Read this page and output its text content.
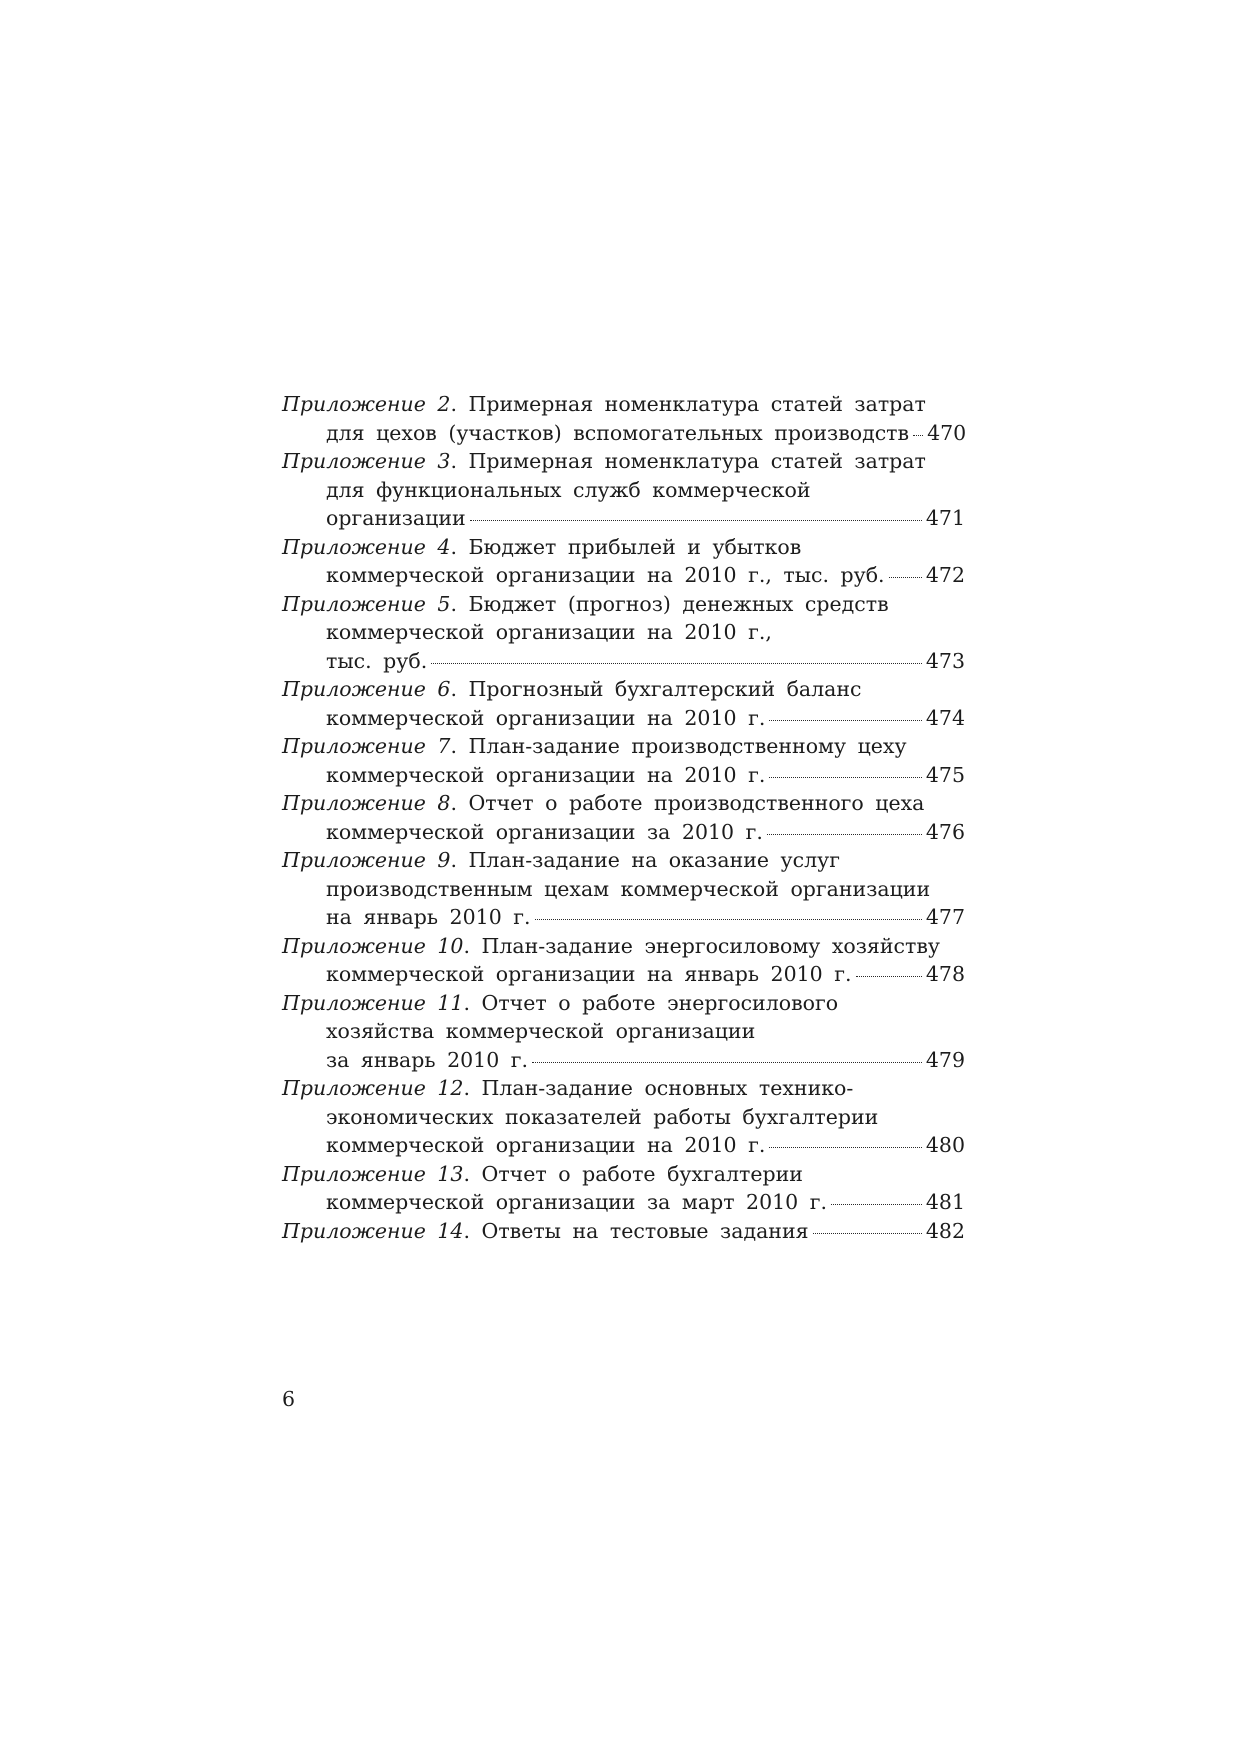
Приложение 2. Примерная номенклатура статей затрат
для цехов (участков) вспомогательных производств 470
Приложение 3. Примерная номенклатура статей затрат
для функциональных служб коммерческой
организации	471
Приложение 4. Бюджет прибылей и убытков
коммерческой организации на 2010 г., тыс. руб. 472
Приложение 5. Бюджет (прогноз) денежных средств
коммерческой организации на 2010 г.,
тыс. руб.	473
Приложение 6. Прогнозный бухгалтерский баланс
коммерческой организации на 2010 г.	474
Приложение 7. План-задание производственному цеху
коммерческой организации на 2010 г.	475
Приложение 8. Отчет о работе производственного цеха
коммерческой организации за 2010 г.	476
Приложение 9. План-задание на оказание услуг
производственным цехам коммерческой организации
на январь 2010 г.	477
Приложение 10. План-задание энергосиловому хозяйству
коммерческой организации на январь 2010 г.	478
Приложение 11. Отчет о работе энергосилового
хозяйства коммерческой организации
за январь 2010 г.	479
Приложение 12. План-задание основных технико-
экономических показателей работы бухгалтерии
коммерческой организации на 2010 г.	480
Приложение 13. Отчет о работе бухгалтерии
коммерческой организации за март 2010 г.	481
Приложение 14. Ответы на тестовые задания	482
6
